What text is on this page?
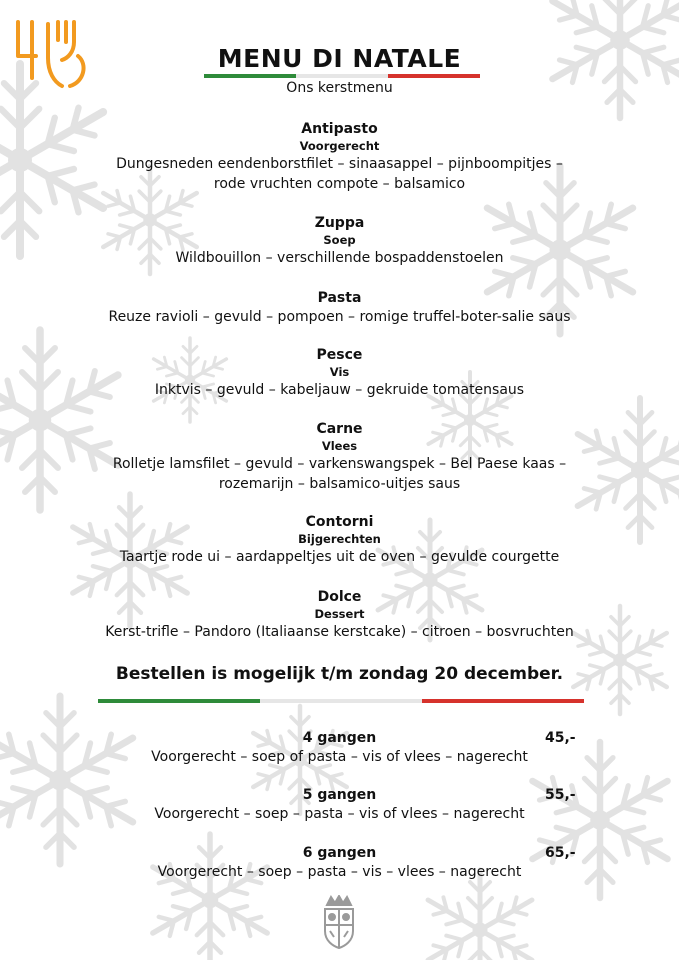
MENU DI NATALE
Ons kerstmenu
Antipasto
Voorgerecht
Dungesneden eendenborstfilet – sinaasappel – pijnboompitjes –
rode vruchten compote – balsamico
Zuppa
Soep
Wildbouillon – verschillende bospaddenstoelen
Pasta
Reuze ravioli – gevuld – pompoen – romige truffel-boter-salie saus
Pesce
Vis
Inktvis – gevuld – kabeljauw – gekruide tomatensaus
Carne
Vlees
Rolletje lamsfilet – gevuld – varkenswangspek – Bel Paese kaas –
rozemarijn – balsamico-uitjes saus
Contorni
Bijgerechten
Taartje rode ui – aardappeltjes uit de oven – gevulde courgette
Dolce
Dessert
Kerst-trifle – Pandoro (Italiaanse kerstcake) – citroen – bosvruchten
Bestellen is mogelijk t/m zondag 20 december.
4 gangen	45,-
Voorgerecht – soep of pasta – vis of vlees – nagerecht
5 gangen	55,-
Voorgerecht – soep – pasta – vis of vlees – nagerecht
6 gangen	65,-
Voorgerecht – soep – pasta – vis – vlees – nagerecht
